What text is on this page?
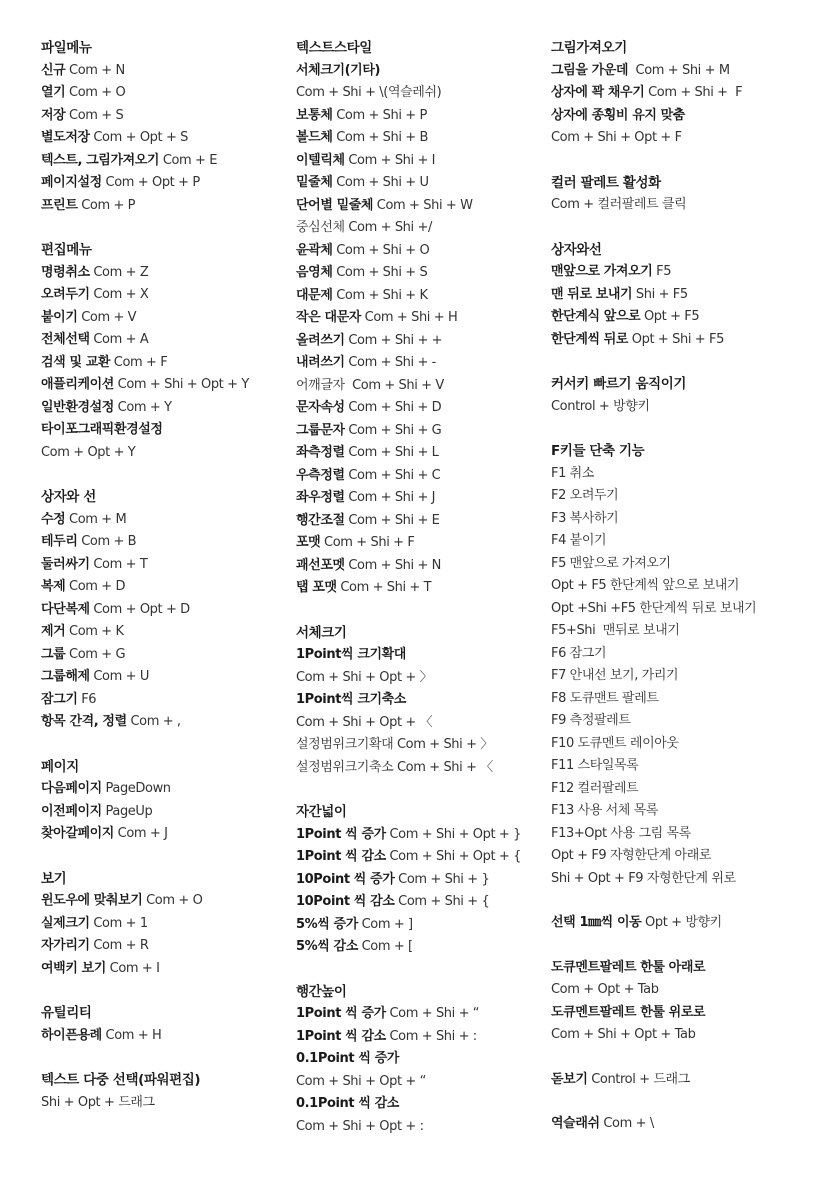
파일메뉴
신규 Com + N
열기 Com + O
저장 Com + S
별도저장 Com + Opt + S
텍스트, 그림가져오기 Com + E
페이지설정 Com + Opt + P
프린트 Com + P
편집메뉴
명령취소 Com + Z
오려두기 Com + X
붙이기 Com + V
전체선택 Com + A
검색 및 교환 Com + F
애플리케이션 Com + Shi + Opt + Y
일반환경설정 Com + Y
타이포그래픽환경설정
Com + Opt + Y
상자와 선
수정 Com + M
테두리 Com + B
둘러싸기 Com + T
복제 Com + D
다단복제 Com + Opt + D
제거 Com + K
그룹 Com + G
그룹해제 Com + U
잠그기 F6
항목 간격, 정렬 Com + ,
페이지
다음페이지 PageDown
이전페이지 PageUp
찾아갈페이지 Com + J
보기
윈도우에 맞춰보기 Com + O
실제크기 Com + 1
자가리기 Com + R
여백키 보기 Com + I
유틸리티
하이픈용례 Com + H
텍스트 다중 선택(파워편집)
Shi + Opt + 드래그
텍스트스타일
서체크기(기타)
Com + Shi + \(역슬레쉬)
보통체 Com + Shi + P
볼드체 Com + Shi + B
이텔릭체 Com + Shi + I
밑줄체 Com + Shi + U
단어별 밑줄체 Com + Shi + W
중심선체 Com + Shi +/
윤곽체 Com + Shi + O
음영체 Com + Shi + S
대문제 Com + Shi + K
작은 대문자 Com + Shi + H
올려쓰기 Com + Shi + +
내려쓰기 Com + Shi + -
어깨글자  Com + Shi + V
문자속성 Com + Shi + D
그룹문자 Com + Shi + G
좌측정렬 Com + Shi + L
우측정렬 Com + Shi + C
좌우정렬 Com + Shi + J
행간조절 Com + Shi + E
포맷 Com + Shi + F
괘선포멧 Com + Shi + N
탭 포맷 Com + Shi + T
서체크기
1Point씩 크기확대
Com + Shi + Opt + 〉
1Point씩 크기축소
Com + Shi + Opt + 〈
설정범위크기확대 Com + Shi + 〉
설정범위크기축소 Com + Shi + 〈
자간넓이
1Point 씩 증가 Com + Shi + Opt + }
1Point 씩 감소 Com + Shi + Opt + {
10Point 씩 증가 Com + Shi + }
10Point 씩 감소 Com + Shi + {
5%씩 증가 Com + ]
5%씩 감소 Com + [
행간높이
1Point 씩 증가 Com + Shi + “
1Point 씩 감소 Com + Shi + :
0.1Point 씩 증가
Com + Shi + Opt + “
0.1Point 씩 감소
Com + Shi + Opt + :
그림가져오기
그림을 가운데  Com + Shi + M
상자에 꽉 채우기 Com + Shi +  F
상자에 종횡비 유지 맞춤
Com + Shi + Opt + F
컬러 팔레트 활성화
Com + 컬러팔레트 클릭
상자와선
맨앞으로 가져오기 F5
맨 뒤로 보내기 Shi + F5
한단계식 앞으로 Opt + F5
한단계씩 뒤로 Opt + Shi + F5
커서키 빠르기 움직이기
Control + 방향키
F키들 단축 기능
F1 취소
F2 오려두기
F3 복사하기
F4 붙이기
F5 맨앞으로 가져오기
Opt + F5 한단계씩 앞으로 보내기
Opt +Shi +F5 한단계씩 뒤로 보내기
F5+Shi  맨뒤로 보내기
F6 잠그기
F7 안내선 보기, 가리기
F8 도큐맨트 팔레트
F9 측정팔레트
F10 도큐멘트 레이아웃
F11 스타일목록
F12 컬러팔레트
F13 사용 서체 목록
F13+Opt 사용 그림 목록
Opt + F9 자형한단계 아래로
Shi + Opt + F9 자형한단계 위로
선택 1㎜씩 이동 Opt + 방향키
도큐멘트팔레트 한툴 아래로
Com + Opt + Tab
도큐멘트팔레트 한툴 위로로
Com + Shi + Opt + Tab
돋보기 Control + 드래그
역슬래쉬 Com + \
